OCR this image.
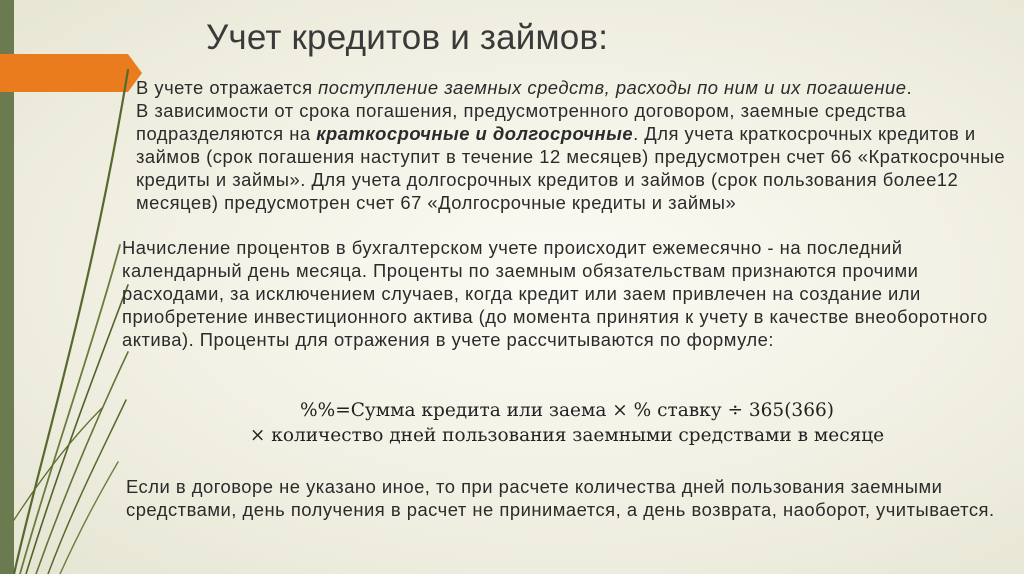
Учет кредитов и займов:

В учете отражается поступление заемных средств, расходы по ним и их погашение.

В зависимости от срока погашения, предусмотренного договором, заемные средства подразделяются на краткосрочные и долгосрочные. Для учета краткосрочных кредитов и займов (срок погашения наступит в течение 12 месяцев) предусмотрен счет 66 «Краткосрочные кредиты и займы». Для учета долгосрочных кредитов и займов (срок пользования более12 месяцев) предусмотрен счет 67 «Долгосрочные кредиты и займы»

Начисление процентов в бухгалтерском учете происходит ежемесячно - на последний календарный день месяца. Проценты по заемным обязательствам признаются прочими расходами, за исключением случаев, когда кредит или заем привлечен на создание или приобретение инвестиционного актива (до момента принятия к учету в качестве внеоборотного актива). Проценты для отражения в учете рассчитываются по формуле:

%%=Сумма кредита или заема × % ставку ÷ 365(366)
× количество дней пользования заемными средствами в месяце

Если в договоре не указано иное, то при расчете количества дней пользования заемными средствами, день получения в расчет не принимается, а день возврата, наоборот, учитывается.
